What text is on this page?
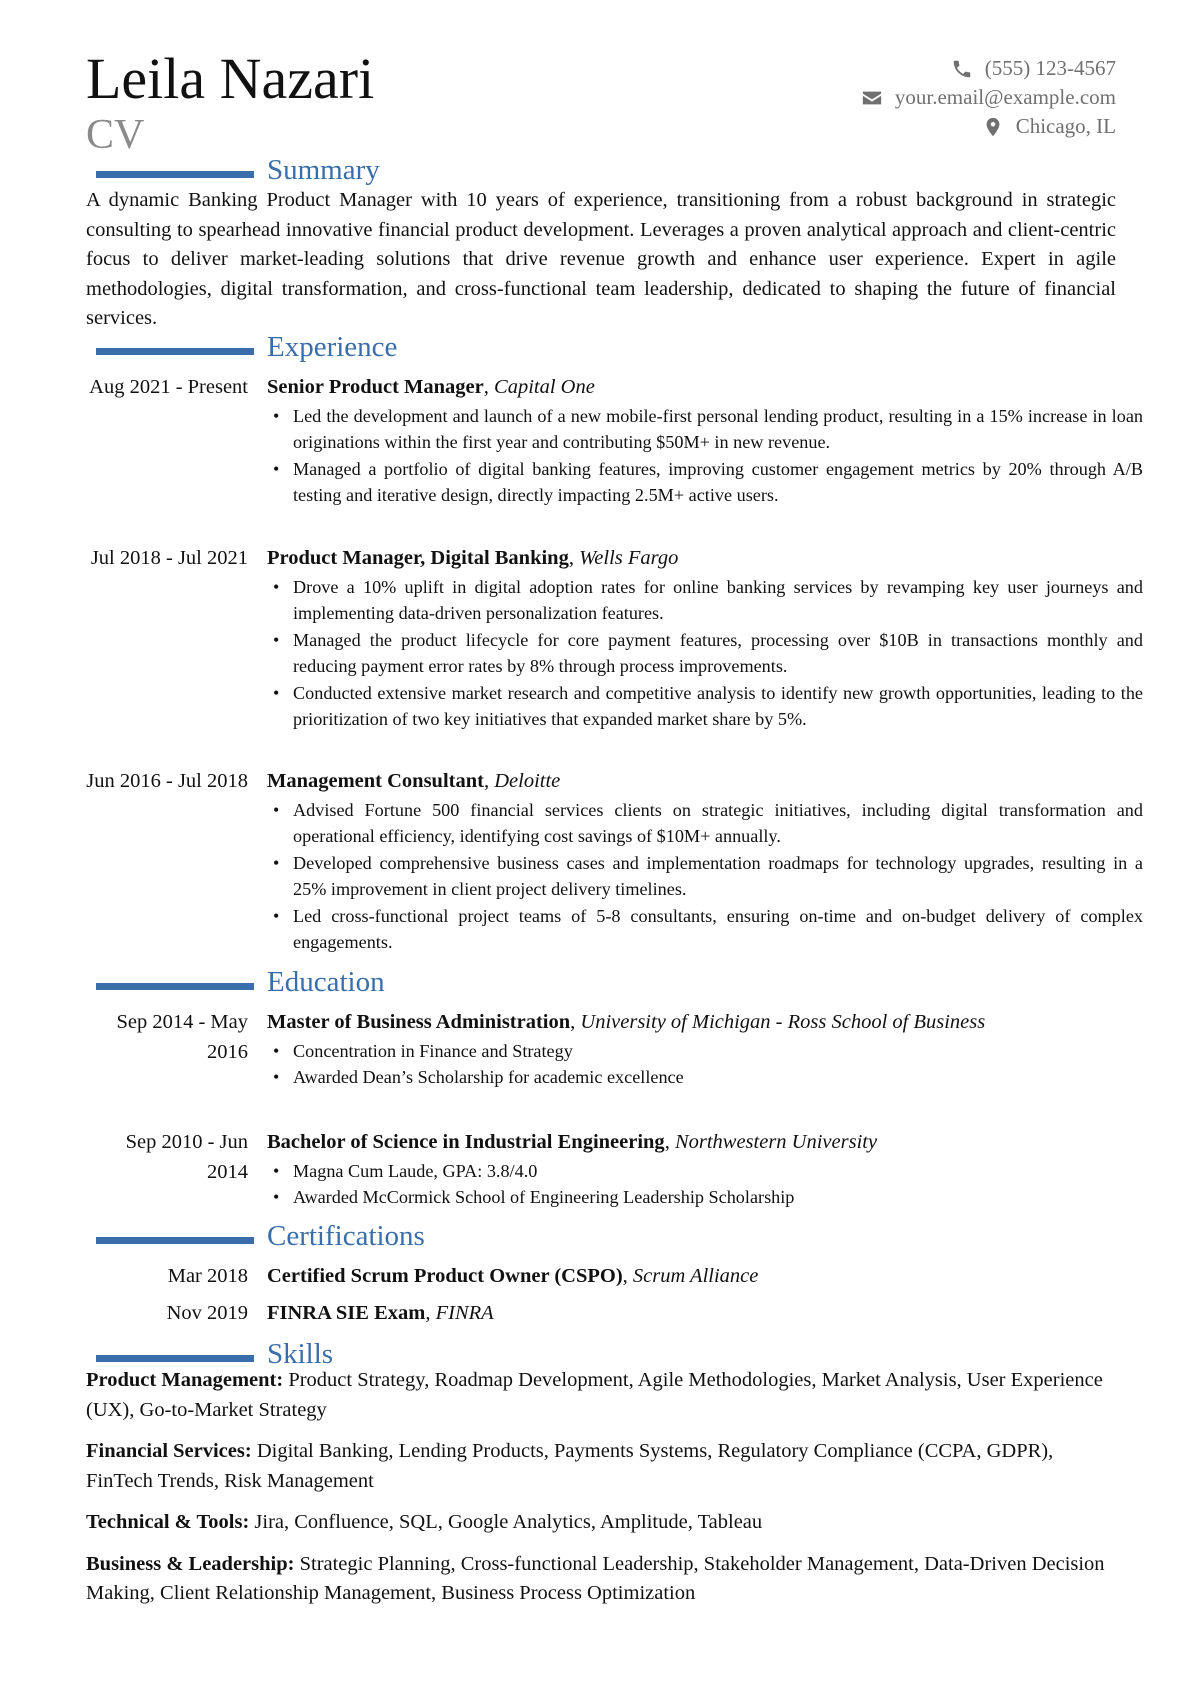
Leila Nazari
CV
(555) 123-4567
your.email@example.com
Chicago, IL
Summary

A dynamic Banking Product Manager with 10 years of experience, transitioning from a robust background in strategic consulting to spearhead innovative financial product development. Leverages a proven analytical approach and client-centric focus to deliver market-leading solutions that drive revenue growth and enhance user experience. Expert in agile methodologies, digital transformation, and cross-functional team leadership, dedicated to shaping the future of financial services.

Experience
Aug 2021 - Present Senior Product Manager, Capital One
• Led the development and launch of a new mobile-first personal lending product, resulting in a 15% increase in loan originations within the first year and contributing $50M+ in new revenue.
• Managed a portfolio of digital banking features, improving customer engagement metrics by 20% through A/B testing and iterative design, directly impacting 2.5M+ active users.
Jul 2018 - Jul 2021 Product Manager, Digital Banking, Wells Fargo
• Drove a 10% uplift in digital adoption rates for online banking services by revamping key user journeys and implementing data-driven personalization features.
• Managed the product lifecycle for core payment features, processing over $10B in transactions monthly and reducing payment error rates by 8% through process improvements.
• Conducted extensive market research and competitive analysis to identify new growth opportunities, leading to the prioritization of two key initiatives that expanded market share by 5%.
Jun 2016 - Jul 2018 Management Consultant, Deloitte
• Advised Fortune 500 financial services clients on strategic initiatives, including digital transformation and operational efficiency, identifying cost savings of $10M+ annually.
• Developed comprehensive business cases and implementation roadmaps for technology upgrades, resulting in a 25% improvement in client project delivery timelines.
• Led cross-functional project teams of 5-8 consultants, ensuring on-time and on-budget delivery of complex engagements.
Education
Sep 2014 - May 2016
Master of Business Administration, University of Michigan - Ross School of Business
• Concentration in Finance and Strategy
• Awarded Dean’s Scholarship for academic excellence
Sep 2010 - Jun 2014
Bachelor of Science in Industrial Engineering, Northwestern University
• Magna Cum Laude, GPA: 3.8/4.0
• Awarded McCormick School of Engineering Leadership Scholarship
Certifications
Mar 2018 Certified Scrum Product Owner (CSPO), Scrum Alliance
Nov 2019 FINRA SIE Exam, FINRA
Skills

Product Management: Product Strategy, Roadmap Development, Agile Methodologies, Market Analysis, User Experience (UX), Go-to-Market Strategy

Financial Services: Digital Banking, Lending Products, Payments Systems, Regulatory Compliance (CCPA, GDPR), FinTech Trends, Risk Management

Technical & Tools: Jira, Confluence, SQL, Google Analytics, Amplitude, Tableau

Business & Leadership: Strategic Planning, Cross-functional Leadership, Stakeholder Management, Data-Driven Decision Making, Client Relationship Management, Business Process Optimization
